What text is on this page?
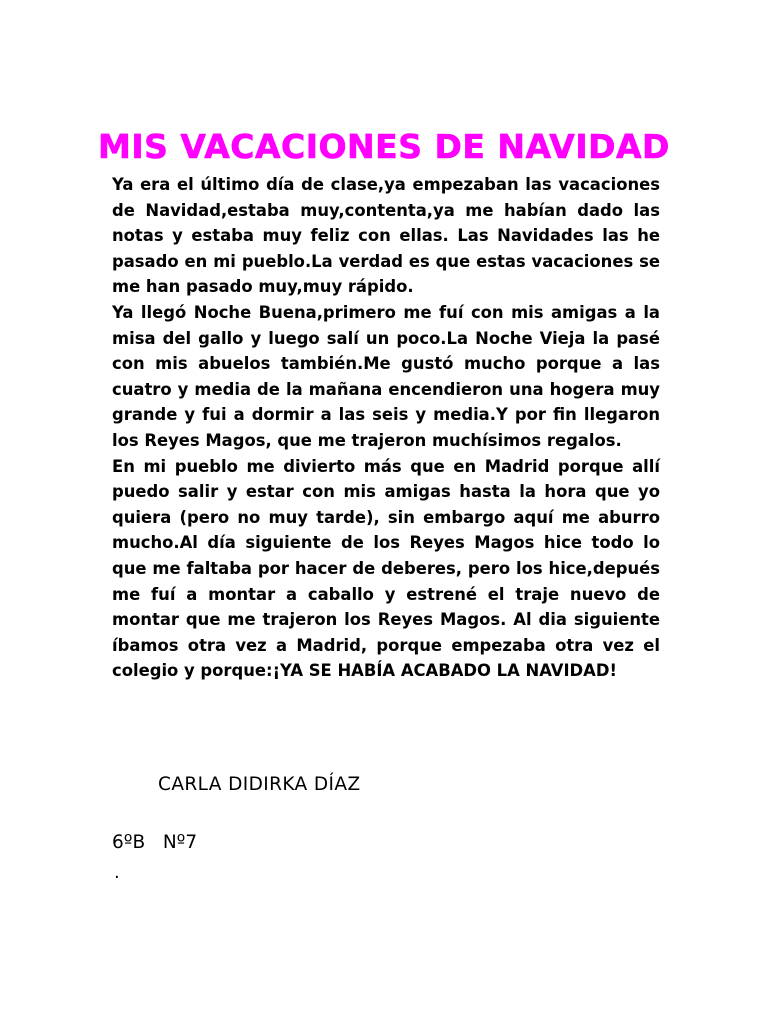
MIS VACACIONES DE NAVIDAD

Ya era el último día de clase,ya empezaban las vacaciones de Navidad,estaba muy,contenta,ya me habían dado las notas y estaba muy feliz con ellas. Las Navidades las he pasado en mi pueblo.La verdad es que estas vacaciones se me han pasado muy,muy rápido.

Ya llegó Noche Buena,primero me fuí con mis amigas a la misa del gallo y luego salí un poco.La Noche Vieja la pasé con mis abuelos también.Me gustó mucho porque a las cuatro y media de la mañana encendieron una hogera muy grande y fui a dormir a las seis y media.Y por fin llegaron los Reyes Magos, que me trajeron muchísimos regalos.

En mi pueblo me divierto más que en Madrid porque allí puedo salir y estar con mis amigas hasta la hora que yo quiera (pero no muy tarde), sin embargo aquí me aburro mucho.Al día siguiente de los Reyes Magos hice todo lo que me faltaba por hacer de deberes, pero los hice,depués me fuí a montar a caballo y estrené el traje nuevo de montar que me trajeron los Reyes Magos. Al dia siguiente íbamos otra vez a Madrid, porque empezaba otra vez el colegio y porque:¡YA SE HABÍA ACABADO LA NAVIDAD!

CARLA DIDIRKA DÍAZ
6ºB   Nº7
.
